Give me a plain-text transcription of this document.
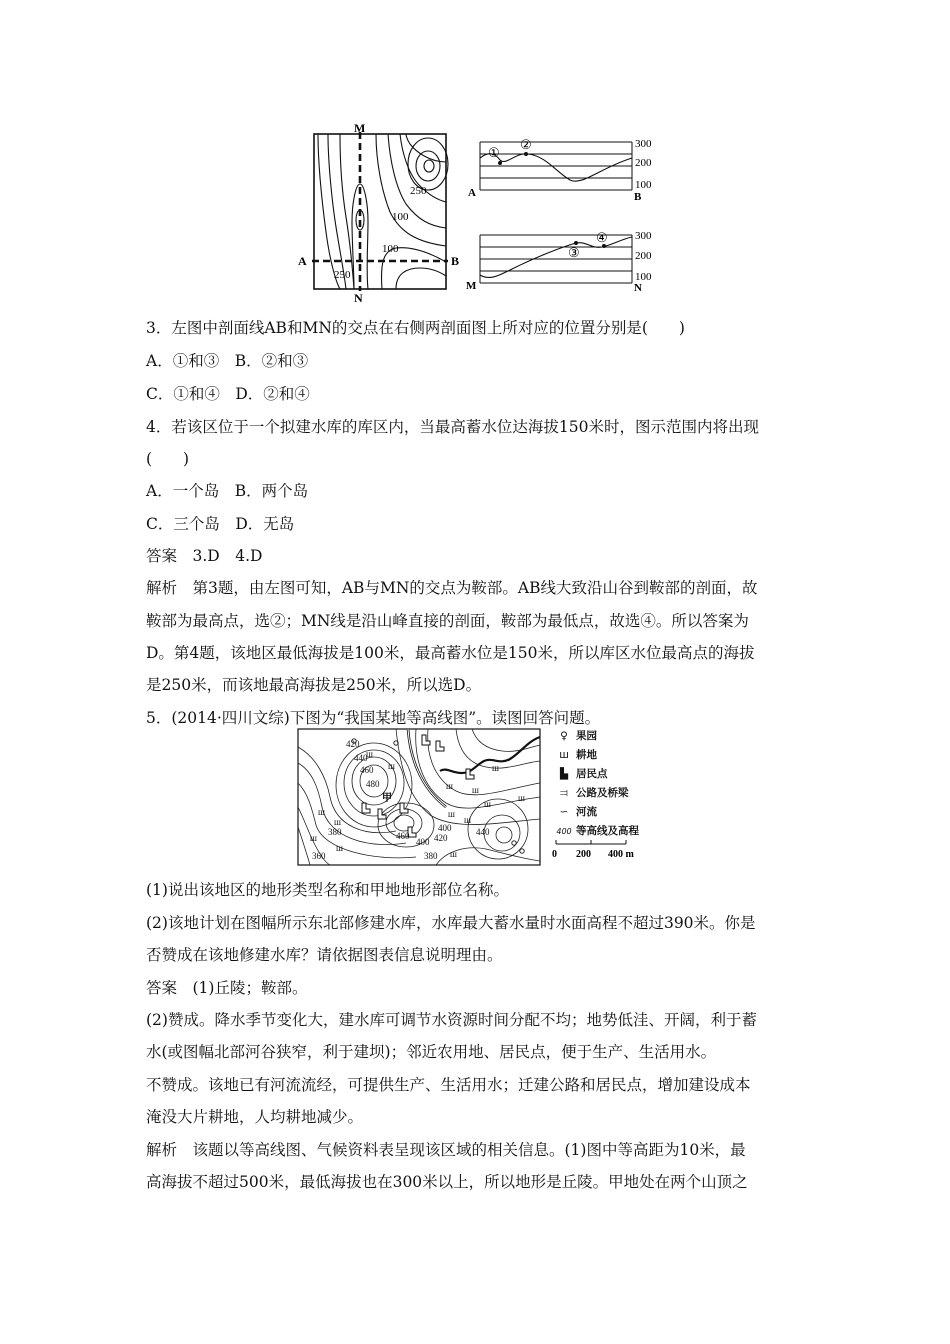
M
N
A	B
250
100
100
250
①
②	300
200
100
A	B
③
④ 300
200
100
M	N
3．左图中剖面线AB和MN的交点在右侧两剖面图上所对应的位置分别是(　　)
A．①和③　B．②和③
C．①和④　D．②和④
4．若该区位于一个拟建水库的库区内，当最高蓄水位达海拔150米时，图示范围内将出现
(　　)
A．一个岛　B．两个岛
C．三个岛　D．无岛
答案　3.D　4.D
解析　第3题，由左图可知，AB与MN的交点为鞍部。AB线大致沿山谷到鞍部的剖面，故
鞍部为最高点，选②；MN线是沿山峰直接的剖面，鞍部为最低点，故选④。所以答案为
D。第4题，该地区最低海拔是100米，最高蓄水位是150米，所以库区水位最高点的海拔
是250米，而该地最高海拔是250米，所以选D。
5．(2014·四川文综)下图为“我国某地等高线图”。读图回答问题。
ш
ш
ш
ш
ш ш
ш
ш
ш
ш
ш
ш
ш
ш
420
440
460
480
400
420
460
400
440
380
360	380
甲
♀ 果园
ш 耕地
▙ 居民点
⫤ 公路及桥梁
∽ 河流
400 等高线及高程
0 200 400 m
(1)说出该地区的地形类型名称和甲地地形部位名称。
(2)该地计划在图幅所示东北部修建水库，水库最大蓄水量时水面高程不超过390米。你是
否赞成在该地修建水库？请依据图表信息说明理由。
答案　(1)丘陵；鞍部。
(2)赞成。降水季节变化大，建水库可调节水资源时间分配不均；地势低洼、开阔，利于蓄
水(或图幅北部河谷狭窄，利于建坝)；邻近农用地、居民点，便于生产、生活用水。
不赞成。该地已有河流流经，可提供生产、生活用水；迁建公路和居民点，增加建设成本
淹没大片耕地，人均耕地减少。
解析　该题以等高线图、气候资料表呈现该区域的相关信息。(1)图中等高距为10米，最
高海拔不超过500米，最低海拔也在300米以上，所以地形是丘陵。甲地处在两个山顶之
